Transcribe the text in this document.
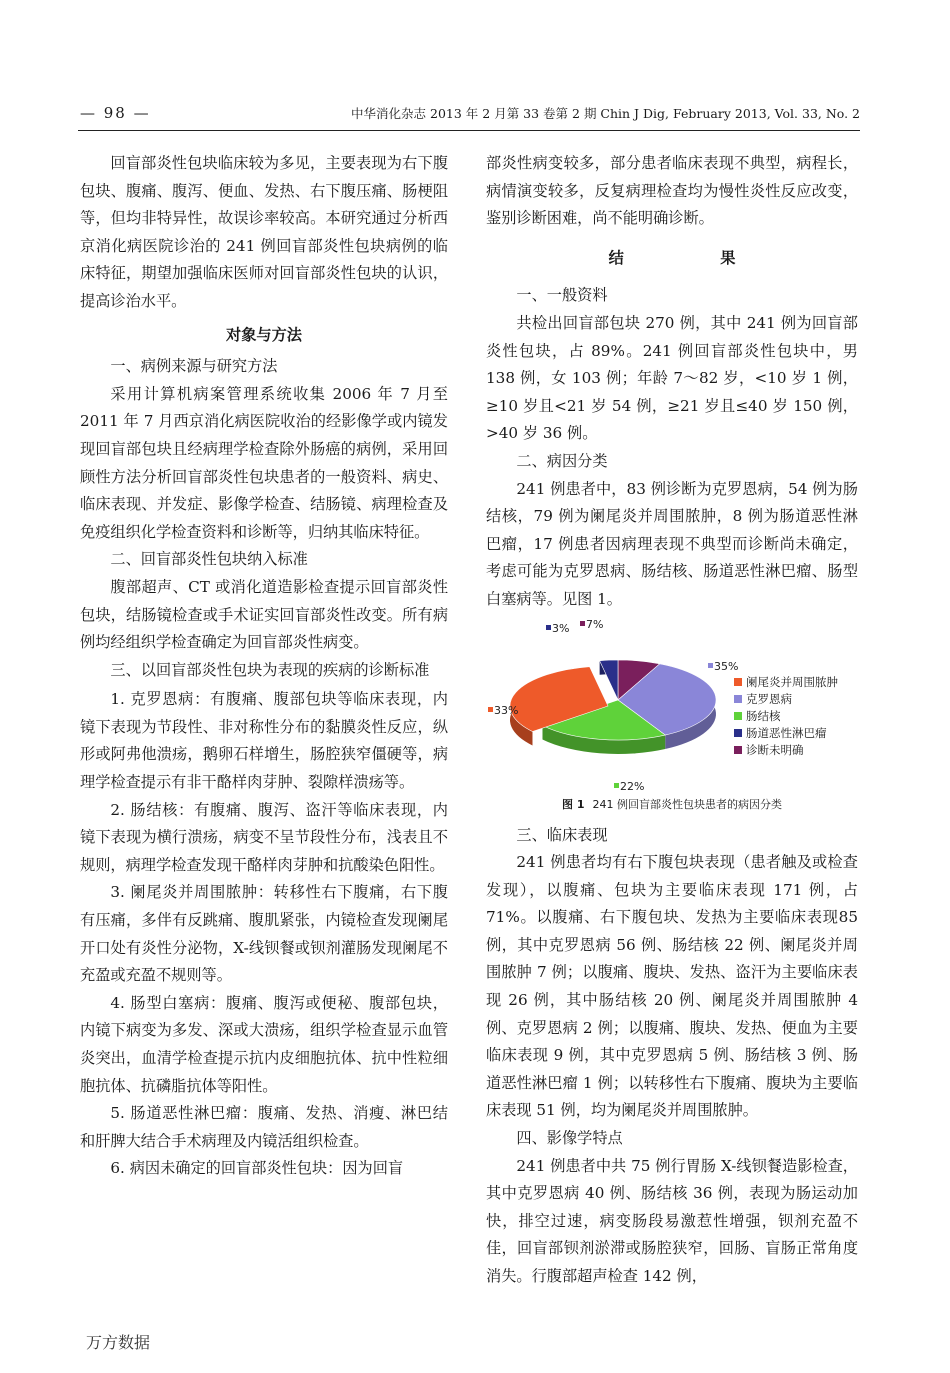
— 98 —	中华消化杂志 2013 年 2 月第 33 卷第 2 期 Chin J Dig, February 2013, Vol. 33, No. 2

回盲部炎性包块临床较为多见，主要表现为右下腹包块、腹痛、腹泻、便血、发热、右下腹压痛、肠梗阻等，但均非特异性，故误诊率较高。本研究通过分析西京消化病医院诊治的 241 例回盲部炎性包块病例的临床特征，期望加强临床医师对回盲部炎性包块的认识，提高诊治水平。

对象与方法
一、病例来源与研究方法

采用计算机病案管理系统收集 2006 年 7 月至 2011 年 7 月西京消化病医院收治的经影像学或内镜发现回盲部包块且经病理学检查除外肠癌的病例，采用回顾性方法分析回盲部炎性包块患者的一般资料、病史、临床表现、并发症、影像学检查、结肠镜、病理检查及免疫组织化学检查资料和诊断等，归纳其临床特征。

二、回盲部炎性包块纳入标准

腹部超声、CT 或消化道造影检查提示回盲部炎性包块，结肠镜检查或手术证实回盲部炎性改变。所有病例均经组织学检查确定为回盲部炎性病变。

三、以回盲部炎性包块为表现的疾病的诊断标准

1. 克罗恩病：有腹痛、腹部包块等临床表现，内镜下表现为节段性、非对称性分布的黏膜炎性反应，纵形或阿弗他溃疡，鹅卵石样增生，肠腔狭窄僵硬等，病理学检查提示有非干酪样肉芽肿、裂隙样溃疡等。

2. 肠结核：有腹痛、腹泻、盗汗等临床表现，内镜下表现为横行溃疡，病变不呈节段性分布，浅表且不规则，病理学检查发现干酪样肉芽肿和抗酸染色阳性。

3. 阑尾炎并周围脓肿：转移性右下腹痛，右下腹有压痛，多伴有反跳痛、腹肌紧张，内镜检查发现阑尾开口处有炎性分泌物，X-线钡餐或钡剂灌肠发现阑尾不充盈或充盈不规则等。

4. 肠型白塞病：腹痛、腹泻或便秘、腹部包块，内镜下病变为多发、深或大溃疡，组织学检查显示血管炎突出，血清学检查提示抗内皮细胞抗体、抗中性粒细胞抗体、抗磷脂抗体等阳性。

5. 肠道恶性淋巴瘤：腹痛、发热、消瘦、淋巴结和肝脾大结合手术病理及内镜活组织检查。

6. 病因未确定的回盲部炎性包块：因为回盲

部炎性病变较多，部分患者临床表现不典型，病程长，病情演变较多，反复病理检查均为慢性炎性反应改变，鉴别诊断困难，尚不能明确诊断。

结 果
一、一般资料

共检出回盲部包块 270 例，其中 241 例为回盲部炎性包块，占 89%。241 例回盲部炎性包块中，男 138 例，女 103 例；年龄 7～82 岁，<10 岁 1 例，≥10 岁且<21 岁 54 例，≥21 岁且≤40 岁 150 例，>40 岁 36 例。

二、病因分类

241 例患者中，83 例诊断为克罗恩病，54 例为肠结核，79 例为阑尾炎并周围脓肿，8 例为肠道恶性淋巴瘤，17 例患者因病理表现不典型而诊断尚未确定，考虑可能为克罗恩病、肠结核、肠道恶性淋巴瘤、肠型白塞病等。见图 1。

33%
35%
22%
3% 7%
阑尾炎并周围脓肿
克罗恩病
肠结核
肠道恶性淋巴瘤
诊断未明确
图 1 241 例回盲部炎性包块患者的病因分类
三、临床表现

241 例患者均有右下腹包块表现（患者触及或检查发现），以腹痛、包块为主要临床表现 171 例，占 71%。以腹痛、右下腹包块、发热为主要临床表现85 例，其中克罗恩病 56 例、肠结核 22 例、阑尾炎并周围脓肿 7 例；以腹痛、腹块、发热、盗汗为主要临床表现 26 例，其中肠结核 20 例、阑尾炎并周围脓肿 4 例、克罗恩病 2 例；以腹痛、腹块、发热、便血为主要临床表现 9 例，其中克罗恩病 5 例、肠结核 3 例、肠道恶性淋巴瘤 1 例；以转移性右下腹痛、腹块为主要临床表现 51 例，均为阑尾炎并周围脓肿。

四、影像学特点

241 例患者中共 75 例行胃肠 X-线钡餐造影检查，其中克罗恩病 40 例、肠结核 36 例，表现为肠运动加快，排空过速，病变肠段易激惹性增强，钡剂充盈不佳，回盲部钡剂淤滞或肠腔狭窄，回肠、盲肠正常角度消失。行腹部超声检查 142 例，

万方数据
